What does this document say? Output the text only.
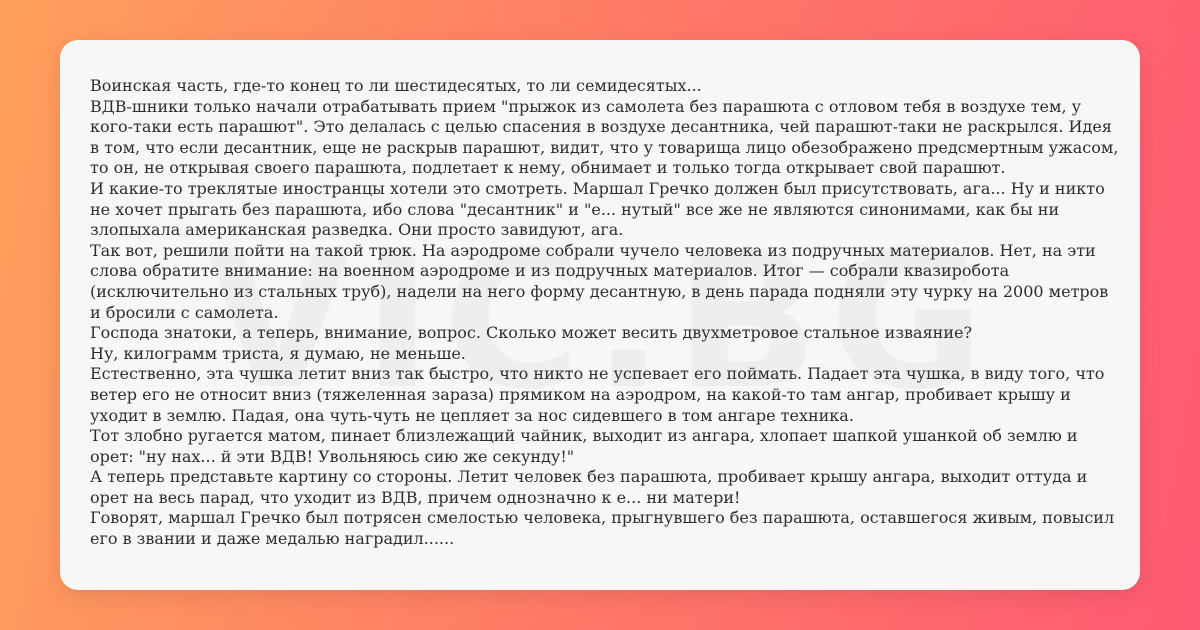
Воинская часть, где-то конец то ли шестидесятых, то ли семидесятых...

ВДВ-шники только начали отрабатывать прием "прыжок из самолета без парашюта с отловом тебя в воздухе тем, у кого-таки есть парашют". Это делалась с целью спасения в воздухе десантника, чей парашют-таки не раскрылся. Идея в том, что если десантник, еще не раскрыв парашют, видит, что у товарища лицо обезображено предсмертным ужасом, то он, не открывая своего парашюта, подлетает к нему, обнимает и только тогда открывает свой парашют.

И какие-то треклятые иностранцы хотели это смотреть. Маршал Гречко должен был присутствовать, ага... Ну и никто не хочет прыгать без парашюта, ибо слова "десантник" и "е... нутый" все же не являются синонимами, как бы ни злопыхала американская разведка. Они просто завидуют, ага.

Так вот, решили пойти на такой трюк. На аэродроме собрали чучело человека из подручных материалов. Нет, на эти слова обратите внимание: на военном аэродроме и из подручных материалов. Итог — собрали квазиробота (исключительно из стальных труб), надели на него форму десантную, в день парада подняли эту чурку на 2000 метров и бросили с самолета.

Господа знатоки, а теперь, внимание, вопрос. Сколько может весить двухметровое стальное изваяние?

Ну, килограмм триста, я думаю, не меньше.

Естественно, эта чушка летит вниз так быстро, что никто не успевает его поймать. Падает эта чушка, в виду того, что ветер его не относит вниз (тяжеленная зараза) прямиком на аэродром, на какой-то там ангар, пробивает крышу и уходит в землю. Падая, она чуть-чуть не цепляет за нос сидевшего в том ангаре техника.

Тот злобно ругается матом, пинает близлежащий чайник, выходит из ангара, хлопает шапкой ушанкой об землю и орет: "ну нах... й эти ВДВ! Увольняюсь сию же секунду!"

А теперь представьте картину со стороны. Летит человек без парашюта, пробивает крышу ангара, выходит оттуда и орет на весь парад, что уходит из ВДВ, причем однозначно к е... ни матери!

Говорят, маршал Гречко был потрясен смелостью человека, прыгнувшего без парашюта, оставшегося живым, повысил его в звании и даже медалью наградил......
